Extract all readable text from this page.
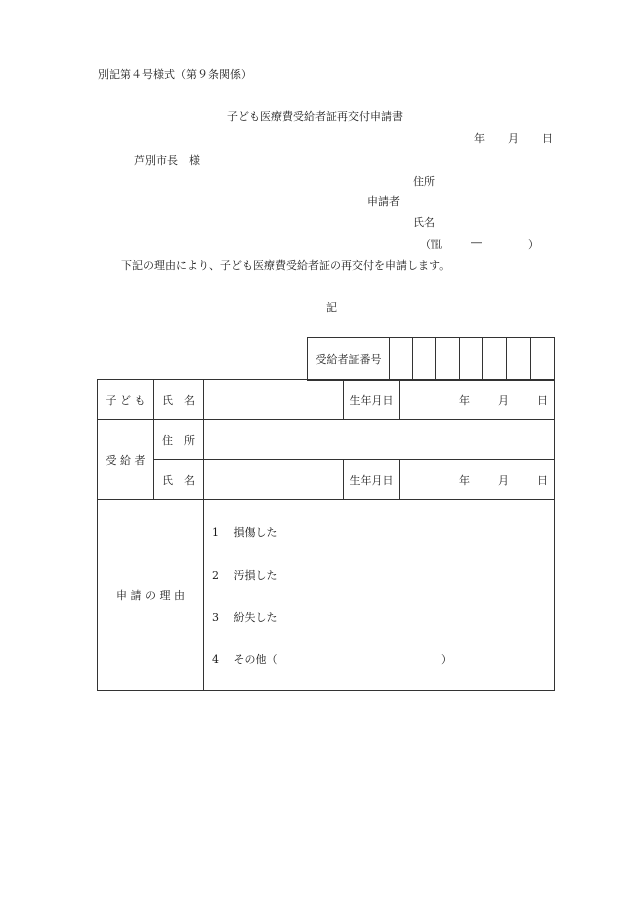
別記第４号様式（第９条関係）
子ども医療費受給者証再交付申請書
年 月 日
芦別市長　様
住所
申請者
氏名
（℡	―	）
下記の理由により、子ども医療費受給者証の再交付を申請します。
記
受給者証番号							
子 ど も	氏　名		生年月日	年 月 日

受 給 者	住　所			
	氏　名		生年月日	年 月 日

申 請 の 理 由				
1　 損傷した
2　 汚損した
3　 紛失した
4　 その他（	）
